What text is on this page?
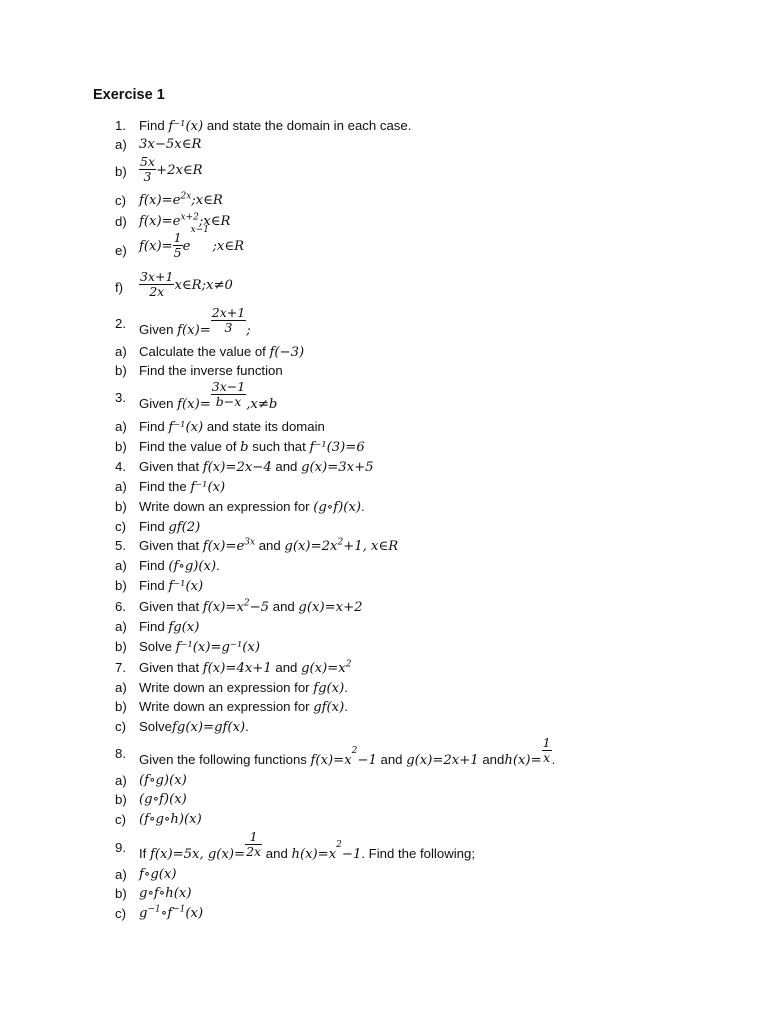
Exercise 1
1. Find f⁻¹(x) and state the domain in each case.
a) 3x−5x∈R
$b) \frac{5x}{3}$ +2x∈R
c) $f(x)=e^{2x};x\in R$
d) $f(x)=e^{x+2};x\in R$
e) $f(x)= \frac{1}{5}$ e
x−1
;x∈R
$f) \frac{3x+1}{2x}$ x∈R;x≠0
2. Given $f(x)= \frac{2x+1}{3}$ ;
a) Calculate the value of f(−3)
b) Find the inverse function
3. Given $f(x)= \frac{3x-1}{b-x} ,x\ne b$
a) Find f⁻¹(x) and state its domain
b) Find the value of b such that f⁻¹(3)=6
4. Given that f(x)=2x−4 and g(x)=3x+5
a) Find the f⁻¹(x)
b) Write down an expression for (g∘f)(x).
c) Find gf(2)
5. Given that $f(x)=e^{3x}$ and $g(x)=2x^2+1$, x∈R
a) Find (f∘g)(x).
b) Find f⁻¹(x)
6. Given that $f(x)=x^2-5$ and g(x)=x+2
a) Find fg(x)
b) Solve f⁻¹(x)=g⁻¹(x)
7. Given that f(x)=4x+1 and $g(x)=x^2$
a) Write down an expression for fg(x).
b) Write down an expression for gf(x).
c) Solvefg(x)=gf(x).
8. Given the following functions $f(x)=x^2-1$ and g(x)=2x+1 andh(x)= $\frac{1}{x}$ .
a) (f∘g)(x)
b) (g∘f)(x)
c) (f∘g∘h)(x)
9. If f(x)=5x, $g(x)= \frac{1}{2x}$ and $h(x)=x^2-1$. Find the following;
a) f∘g(x)
b) g∘f∘h(x)
c) $g^{-1}\circ f^{-1}(x)$
